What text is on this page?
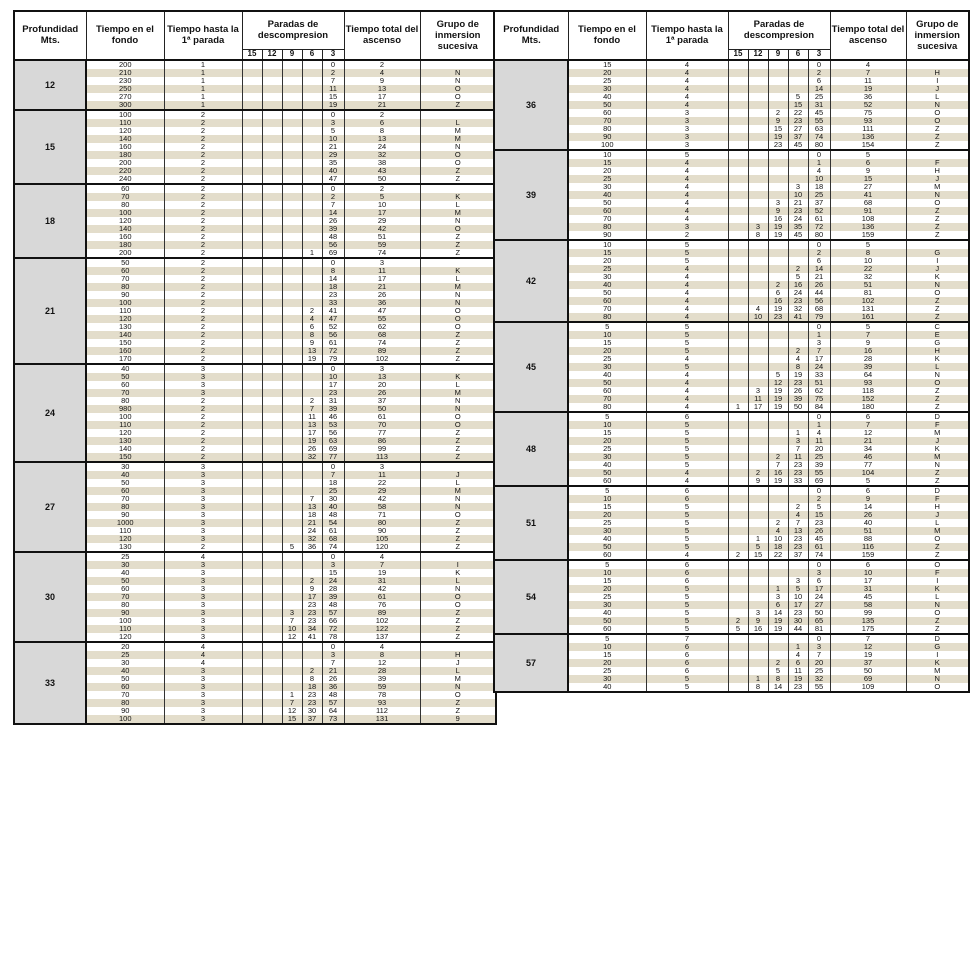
Profundidad Mts.	Tiempo en el fondo	Tiempo hasta la 1ª parada	Paradas de descompresion					Tiempo total del ascenso	Grupo de inmersion sucesiva
			15	12	9	6	3		
12	200	1					0	2	
	210	1					2	4	N
	230	1					7	9	N
	250	1					11	13	O
	270	1					15	17	O
	300	1					19	21	Z
15	100	2					0	2	
	110	2					3	6	L
	120	2					5	8	M
	140	2					10	13	M
	160	2					21	24	N
	180	2					29	32	O
	200	2					35	38	O
	220	2					40	43	Z
	240	2					47	50	Z
18	60	2					0	2	
	70	2					2	5	K
	80	2					7	10	L
	100	2					14	17	M
	120	2					26	29	N
	140	2					39	42	O
	160	2					48	51	Z
	180	2					56	59	Z
	200	2				1	69	74	Z
21	50	2					0	3	
	60	2					8	11	K
	70	2					14	17	L
	80	2					18	21	M
	90	2					23	26	N
	100	2					33	36	N
	110	2				2	41	47	O
	120	2				4	47	55	O
	130	2				6	52	62	O
	140	2				8	56	68	Z
	150	2				9	61	74	Z
	160	2				13	72	89	Z
	170	2				19	79	102	Z
24	40	3					0	3	
	50	3					10	13	K
	60	3					17	20	L
	70	3					23	26	M
	80	2				2	31	37	N
	980	2				7	39	50	N
	100	2				11	46	61	O
	110	2				13	53	70	O
	120	2				17	56	77	Z
	130	2				19	63	86	Z
	140	2				26	69	99	Z
	150	2				32	77	113	Z
27	30	3					0	3	
	40	3					7	11	J
	50	3					18	22	L
	60	3					25	29	M
	70	3				7	30	42	N
	80	3				13	40	58	N
	90	3				18	48	71	O
	1000	3				21	54	80	Z
	110	3				24	61	90	Z
	120	3				32	68	105	Z
	130	2			5	36	74	120	Z
30	25	4					0	4	
	30	3					3	7	I
	40	3					15	19	K
	50	3				2	24	31	L
	60	3				9	28	42	N
	70	3				17	39	61	O
	80	3				23	48	76	O
	90	3			3	23	57	89	Z
	100	3			7	23	66	102	Z
	110	3			10	34	72	122	Z
	120	3			12	41	78	137	Z
33	20	4					0	4	
	25	4					3	8	H
	30	4					7	12	J
	40	3				2	21	28	L
	50	3				8	26	39	M
	60	3				18	36	59	N
	70	3			1	23	48	78	O
	80	3			7	23	57	93	Z
	90	3			12	30	64	112	Z
	100	3			15	37	73	131	9
Profundidad Mts.	Tiempo en el fondo	Tiempo hasta la 1ª parada	Paradas de descompresion					Tiempo total del ascenso	Grupo de inmersion sucesiva
			15	12	9	6	3		
36	15	4					0	4	
	20	4					2	7	H
	25	4					6	11	I
	30	4					14	19	J
	40	4				5	25	36	L
	50	4				15	31	52	N
	60	3			2	22	45	75	O
	70	3			9	23	55	93	O
	80	3			15	27	63	111	Z
	90	3			19	37	74	136	Z
	100	3			23	45	80	154	Z
39	10	5					0	5	
	15	4					1	6	F
	20	4					4	9	H
	25	4					10	15	J
	30	4				3	18	27	M
	40	4				10	25	41	N
	50	4			3	21	37	68	O
	60	4			9	23	52	91	Z
	70	4			16	24	61	108	Z
	80	3		3	19	35	72	136	Z
	90	2		8	19	45	80	159	Z
42	10	5					0	5	
	15	5					2	8	G
	20	5					6	10	I
	25	4				2	14	22	J
	30	4				5	21	32	K
	40	4			2	16	26	51	N
	50	4			6	24	44	81	O
	60	4			16	23	56	102	Z
	70	4		4	19	32	68	131	Z
	80	4		10	23	41	79	161	Z
45	5	5					0	5	C
	10	5					1	7	E
	15	5					3	9	G
	20	5				2	7	16	H
	25	4				4	17	28	K
	30	5				8	24	39	L
	40	4			5	19	33	64	N
	50	4			12	23	51	93	O
	60	4		3	19	26	62	118	Z
	70	4		11	19	39	75	152	Z
	80	4	1	17	19	50	84	180	Z
48	5	6					0	6	D
	10	5					1	7	F
	15	5				1	4	12	M
	20	5				3	11	21	J
	25	5				7	20	34	K
	30	5			2	11	25	46	M
	40	5			7	23	39	77	N
	50	4		2	16	23	55	104	Z
	60	4		9	19	33	69	5	Z
51	5	6					0	6	D
	10	6					2	9	F
	15	5				2	5	14	H
	20	5				4	15	26	J
	25	5			2	7	23	40	L
	30	5			4	13	26	51	M
	40	5		1	10	23	45	88	O
	50	5		5	18	23	61	116	Z
	60	4	2	15	22	37	74	159	Z
54	5	6					0	6	O
	10	6					3	10	F
	15	6				3	6	17	I
	20	5			1	5	17	31	K
	25	5			3	10	24	45	L
	30	5			6	17	27	58	N
	40	5		3	14	23	50	99	O
	50	5	2	9	19	30	65	135	Z
	60	5	5	16	19	44	81	175	Z
57	5	7					0	7	D
	10	6				1	3	12	G
	15	6				4	7	19	I
	20	6			2	6	20	37	K
	25	6			5	11	25	50	M
	30	5		1	8	19	32	69	N
	40	5		8	14	23	55	109	O
